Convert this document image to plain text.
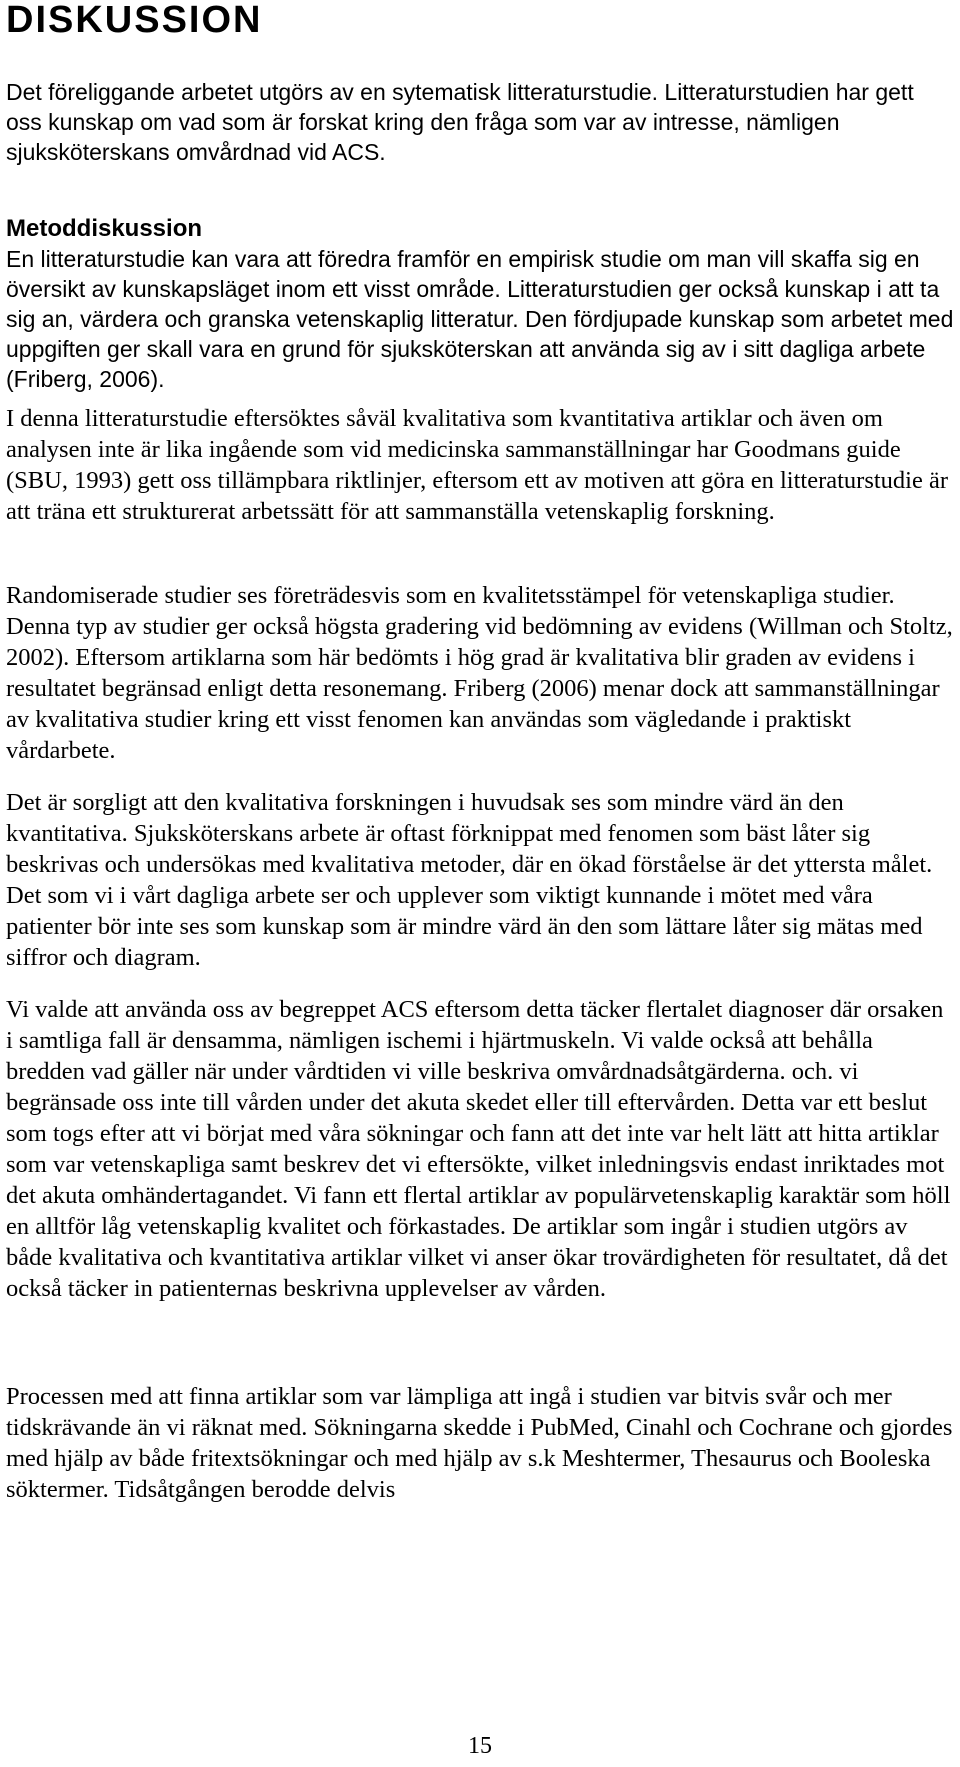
DISKUSSION

Det föreliggande arbetet utgörs av en sytematisk litteraturstudie. Litteraturstudien har gett oss kunskap om vad som är forskat kring den fråga som var av intresse, nämligen sjuksköterskans omvårdnad vid ACS.

Metoddiskussion

En litteraturstudie kan vara att föredra framför en empirisk studie om man vill skaffa sig en översikt av kunskapsläget inom ett visst område. Litteraturstudien ger också kunskap i att ta sig an, värdera och granska vetenskaplig litteratur. Den fördjupade kunskap som arbetet med uppgiften ger skall vara en grund för sjuksköterskan att använda sig av i sitt dagliga arbete (Friberg, 2006).

I denna litteraturstudie eftersöktes såväl kvalitativa som kvantitativa artiklar och även om analysen inte är lika ingående som vid medicinska sammanställningar har Goodmans guide (SBU, 1993) gett oss tillämpbara riktlinjer, eftersom ett av motiven att göra en litteraturstudie är att träna ett strukturerat arbetssätt för att sammanställa vetenskaplig forskning.

Randomiserade studier ses företrädesvis som en kvalitetsstämpel för vetenskapliga studier. Denna typ av studier ger också högsta gradering vid bedömning av evidens (Willman och Stoltz, 2002). Eftersom artiklarna som här bedömts i hög grad är kvalitativa blir graden av evidens i resultatet begränsad enligt detta resonemang. Friberg (2006) menar dock att sammanställningar av kvalitativa studier kring ett visst fenomen kan användas som vägledande i praktiskt vårdarbete.

Det är sorgligt att den kvalitativa forskningen i huvudsak ses som mindre värd än den kvantitativa. Sjuksköterskans arbete är oftast förknippat med fenomen som bäst låter sig beskrivas och undersökas med kvalitativa metoder, där en ökad förståelse är det yttersta målet. Det som vi i vårt dagliga arbete ser och upplever som viktigt kunnande i mötet med våra patienter bör inte ses som kunskap som är mindre värd än den som lättare låter sig mätas med siffror och diagram.

Vi valde att använda oss av begreppet ACS eftersom detta täcker flertalet diagnoser där orsaken i samtliga fall är densamma, nämligen ischemi i hjärtmuskeln. Vi valde också att behålla bredden vad gäller när under vårdtiden vi ville beskriva omvårdnadsåtgärderna. och. vi begränsade oss inte till vården under det akuta skedet eller till eftervården. Detta var ett beslut som togs efter att vi börjat med våra sökningar och fann att det inte var helt lätt att hitta artiklar som var vetenskapliga samt beskrev det vi eftersökte, vilket inledningsvis endast inriktades mot det akuta omhändertagandet. Vi fann ett flertal artiklar av populärvetenskaplig karaktär som höll en alltför låg vetenskaplig kvalitet och förkastades. De artiklar som ingår i studien utgörs av både kvalitativa och kvantitativa artiklar vilket vi anser ökar trovärdigheten för resultatet, då det också täcker in patienternas beskrivna upplevelser av vården.

Processen med att finna artiklar som var lämpliga att ingå i studien var bitvis svår och mer tidskrävande än vi räknat med. Sökningarna skedde i PubMed, Cinahl och Cochrane och gjordes med hjälp av både fritextsökningar och med hjälp av s.k Meshtermer, Thesaurus och Booleska söktermer. Tidsåtgången berodde delvis

15
